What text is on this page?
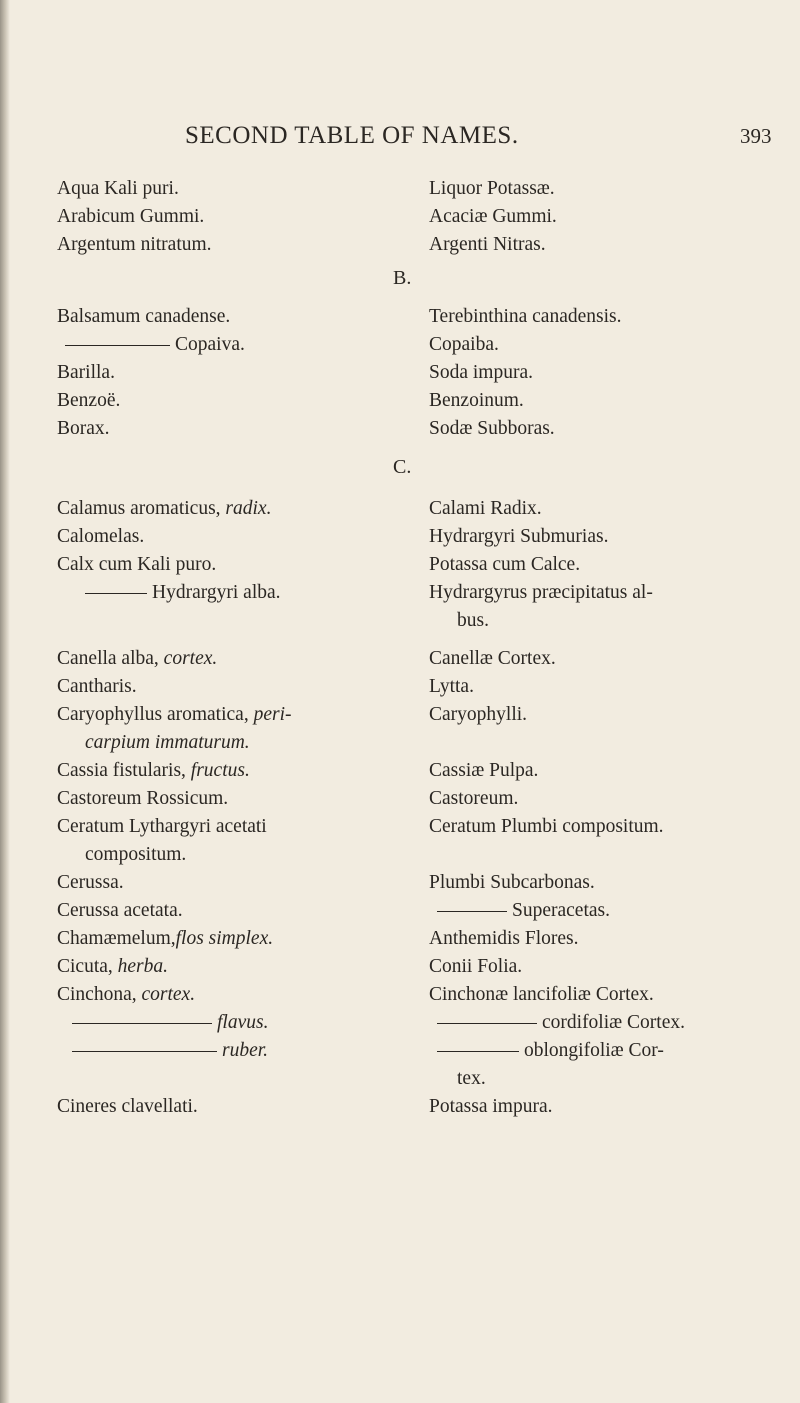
SECOND TABLE OF NAMES.	393
Aqua Kali puri.	Liquor Potassæ.
Arabicum Gummi.	Acaciæ Gummi.
Argentum nitratum.	Argenti Nitras.
B.
Balsamum canadense.	Terebinthina canadensis.
Copaiva.	Copaiba.
Barilla.	Soda impura.
Benzoë.	Benzoinum.
Borax.	Sodæ Subboras.
C.
Calamus aromaticus, radix.	Calami Radix.
Calomelas.	Hydrargyri Submurias.
Calx cum Kali puro.	Potassa cum Calce.
Hydrargyri alba.	Hydrargyrus præcipitatus al-
bus.
Canella alba, cortex.	Canellæ Cortex.
Cantharis.	Lytta.
Caryophyllus aromatica, peri-	Caryophylli.
carpium immaturum.
Cassia fistularis, fructus.	Cassiæ Pulpa.
Castoreum Rossicum.	Castoreum.
Ceratum Lythargyri acetati	Ceratum Plumbi compositum.
compositum.
Cerussa.	Plumbi Subcarbonas.
Cerussa acetata.	Superacetas.
Chamæmelum,flos simplex.	Anthemidis Flores.
Cicuta, herba.	Conii Folia.
Cinchona, cortex.	Cinchonæ lancifoliæ Cortex.
flavus.	cordifoliæ Cortex.
ruber.	oblongifoliæ Cor-
tex.
Cineres clavellati.	Potassa impura.
